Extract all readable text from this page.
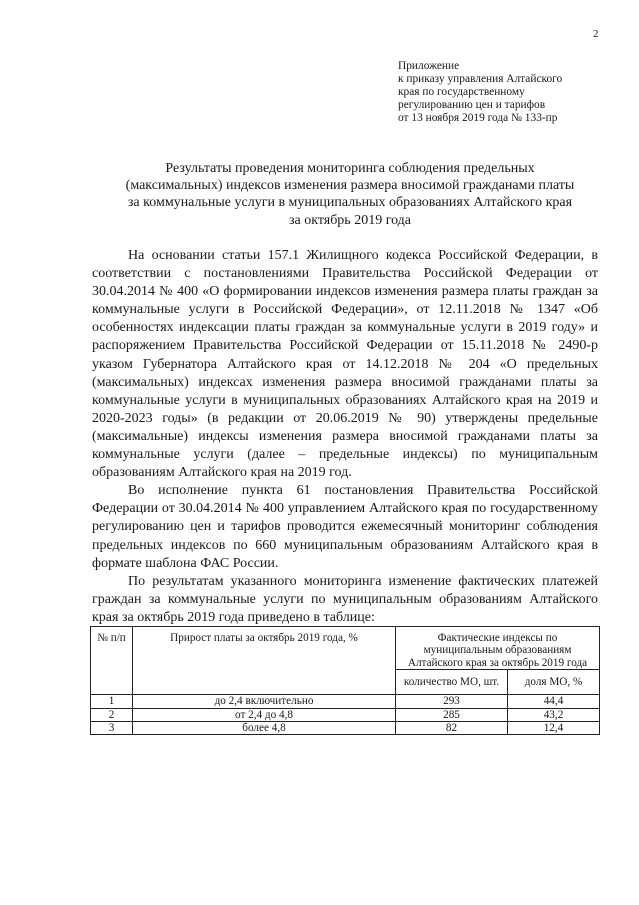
2
Приложение
к приказу управления Алтайского
края по государственному
регулированию цен и тарифов
от 13 ноября 2019 года № 133-пр
Результаты проведения мониторинга соблюдения предельных
(максимальных) индексов изменения размера вносимой гражданами платы
за коммунальные услуги в муниципальных образованиях Алтайского края
за октябрь 2019 года

На основании статьи 157.1 Жилищного кодекса Российской Федерации, в соответствии с постановлениями Правительства Российской Федерации от 30.04.2014 № 400 «О формировании индексов изменения размера платы граждан за коммунальные услуги в Российской Федерации», от 12.11.2018 № 1347 «Об особенностях индексации платы граждан за коммунальные услуги в 2019 году» и распоряжением Правительства Российской Федерации от 15.11.2018 № 2490-р указом Губернатора Алтайского края от 14.12.2018 № 204 «О предельных (максимальных) индексах изменения размера вносимой гражданами платы за коммунальные услуги в муниципальных образованиях Алтайского края на 2019 и 2020-2023 годы» (в редакции от 20.06.2019 № 90) утверждены предельные (максимальные) индексы изменения размера вносимой гражданами платы за коммунальные услуги (далее – предельные индексы) по муниципальным образованиям Алтайского края на 2019 год.

Во исполнение пункта 61 постановления Правительства Российской Федерации от 30.04.2014 № 400 управлением Алтайского края по государственному регулированию цен и тарифов проводится ежемесячный мониторинг соблюдения предельных индексов по 660 муниципальным образованиям Алтайского края в формате шаблона ФАС России.

По результатам указанного мониторинга изменение фактических платежей граждан за коммунальные услуги по муниципальным образованиям Алтайского края за октябрь 2019 года приведено в таблице:

№ п/п	Прирост платы за октябрь 2019 года, %	Фактические индексы по муниципальным образованиям Алтайского края за октябрь 2019 года	
		количество МО, шт.	доля МО, %
1	до 2,4 включительно	293	44,4
2	от 2,4 до 4,8	285	43,2
3	более 4,8	82	12,4
